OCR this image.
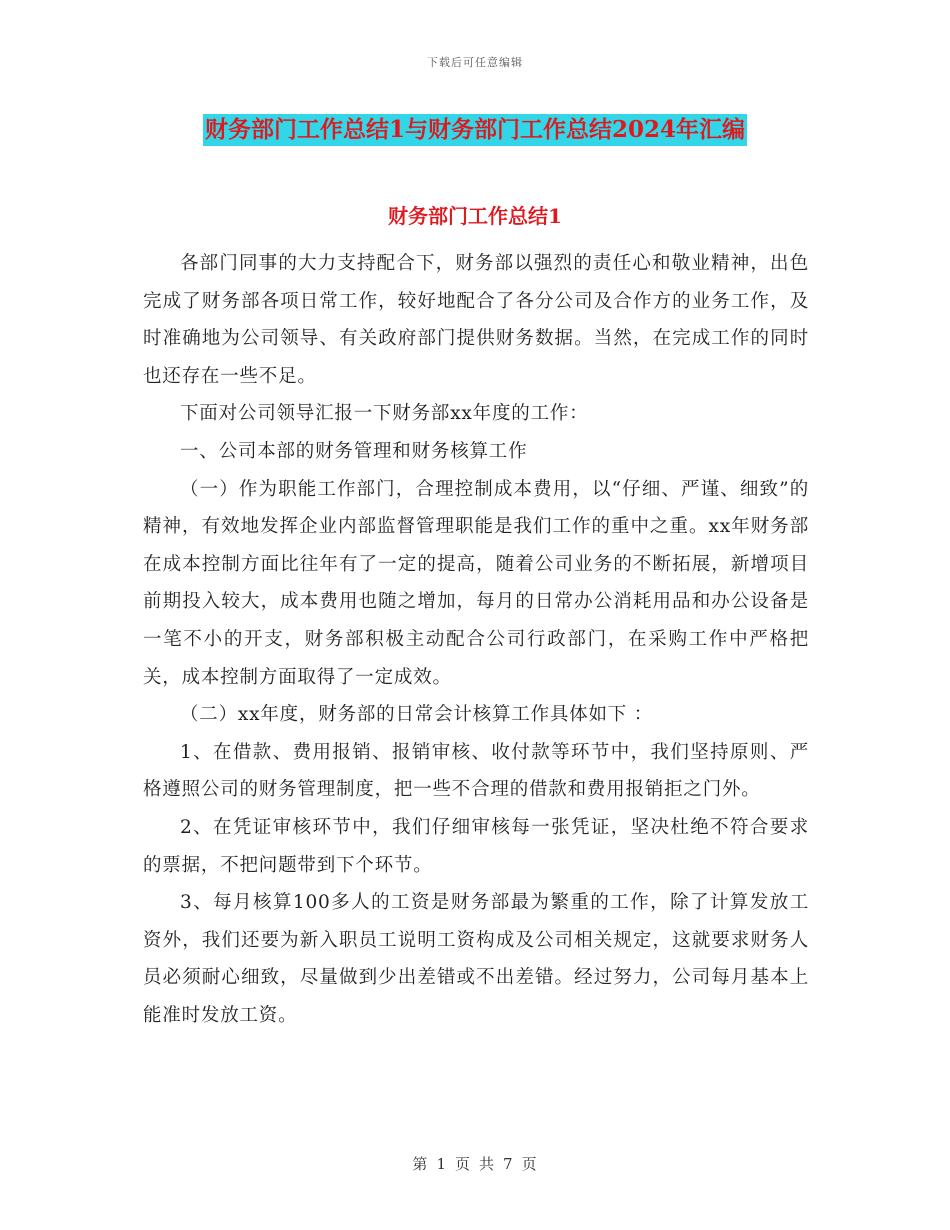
下载后可任意编辑
财务部门工作总结1与财务部门工作总结2024年汇编
财务部门工作总结1

各部门同事的大力支持配合下，财务部以强烈的责任心和敬业精神，出色完成了财务部各项日常工作，较好地配合了各分公司及合作方的业务工作，及时准确地为公司领导、有关政府部门提供财务数据。当然，在完成工作的同时也还存在一些不足。

下面对公司领导汇报一下财务部xx年度的工作：

一、公司本部的财务管理和财务核算工作

（一）作为职能工作部门，合理控制成本费用，以“仔细、严谨、细致”的精神，有效地发挥企业内部监督管理职能是我们工作的重中之重。xx年财务部在成本控制方面比往年有了一定的提高，随着公司业务的不断拓展，新增项目前期投入较大，成本费用也随之增加，每月的日常办公消耗用品和办公设备是一笔不小的开支，财务部积极主动配合公司行政部门，在采购工作中严格把关，成本控制方面取得了一定成效。

（二）xx年度，财务部的日常会计核算工作具体如下 ：

1、在借款、费用报销、报销审核、收付款等环节中，我们坚持原则、严格遵照公司的财务管理制度，把一些不合理的借款和费用报销拒之门外。

2、在凭证审核环节中，我们仔细审核每一张凭证，坚决杜绝不符合要求的票据，不把问题带到下个环节。

3、每月核算100多人的工资是财务部最为繁重的工作，除了计算发放工资外，我们还要为新入职员工说明工资构成及公司相关规定，这就要求财务人员必须耐心细致，尽量做到少出差错或不出差错。经过努力，公司每月基本上能准时发放工资。

第 1 页 共 7 页
